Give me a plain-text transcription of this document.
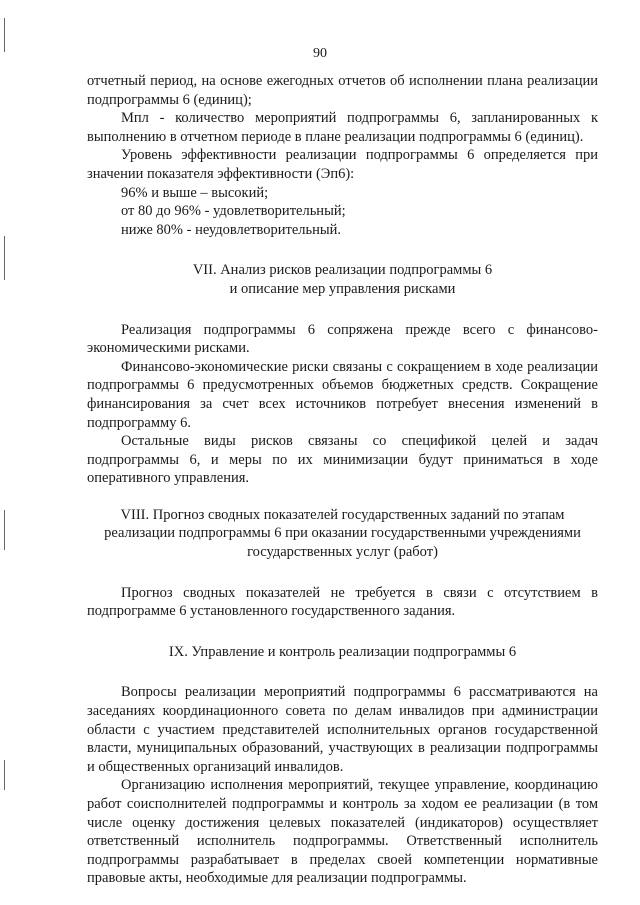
90

отчетный период, на основе ежегодных отчетов об исполнении плана реализации подпрограммы 6 (единиц);

Мпл - количество мероприятий подпрограммы 6, запланированных к выполнению в отчетном периоде в плане реализации подпрограммы 6 (единиц).

Уровень эффективности реализации подпрограммы 6 определяется при значении показателя эффективности (Эп6):

96% и выше – высокий;

от 80 до 96% - удовлетворительный;

ниже 80% - неудовлетворительный.

VII. Анализ рисков реализации подпрограммы 6

и описание мер управления рисками

Реализация подпрограммы 6 сопряжена прежде всего с финансово-экономическими рисками.

Финансово-экономические риски связаны с сокращением в ходе реализации подпрограммы 6 предусмотренных объемов бюджетных средств. Сокращение финансирования за счет всех источников потребует внесения изменений в подпрограмму 6.

Остальные виды рисков связаны со спецификой целей и задач подпрограммы 6, и меры по их минимизации будут приниматься в ходе оперативного управления.

VIII. Прогноз сводных показателей государственных заданий по этапам

реализации подпрограммы 6 при оказании государственными учреждениями

государственных услуг (работ)

Прогноз сводных показателей не требуется в связи с отсутствием в подпрограмме 6 установленного государственного задания.

IX. Управление и контроль реализации подпрограммы 6

Вопросы реализации мероприятий подпрограммы 6 рассматриваются на заседаниях координационного совета по делам инвалидов при администрации области с участием представителей исполнительных органов государственной власти, муниципальных образований, участвующих в реализации подпрограммы и общественных организаций инвалидов.

Организацию исполнения мероприятий, текущее управление, координацию работ соисполнителей подпрограммы и контроль за ходом ее реализации (в том числе оценку достижения целевых показателей (индикаторов) осуществляет ответственный исполнитель подпрограммы. Ответственный исполнитель подпрограммы разрабатывает в пределах своей компетенции нормативные правовые акты, необходимые для реализации подпрограммы.
